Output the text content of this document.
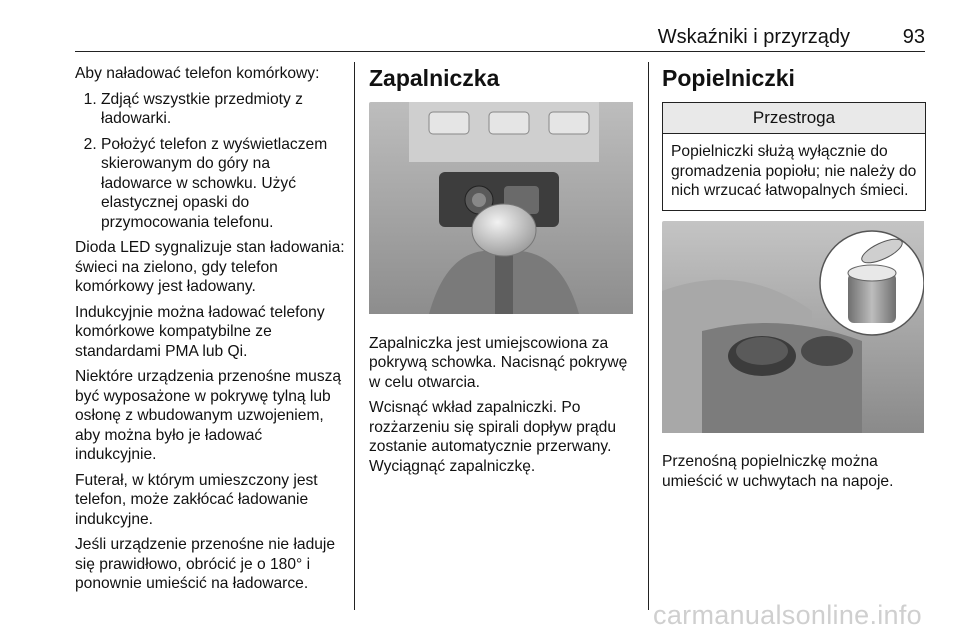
Wskaźniki i przyrządy	93

Aby naładować telefon komórkowy:

1. Zdjąć wszystkie przedmioty z ładowarki.
2. Położyć telefon z wyświetlaczem skierowanym do góry na ładowarce w schowku. Użyć elastycznej opaski do przymocowania telefonu.

Dioda LED sygnalizuje stan ładowania: świeci na zielono, gdy telefon komórkowy jest ładowany.

Indukcyjnie można ładować telefony komórkowe kompatybilne ze standardami PMA lub Qi.

Niektóre urządzenia przenośne muszą być wyposażone w pokrywę tylną lub osłonę z wbudowanym uzwojeniem, aby można było je ładować indukcyjnie.

Futerał, w którym umieszczony jest telefon, może zakłócać ładowanie indukcyjne.

Jeśli urządzenie przenośne nie ładuje się prawidłowo, obrócić je o 180° i ponownie umieścić na ładowarce.

Zapalniczka

Zapalniczka jest umiejscowiona za pokrywą schowka. Nacisnąć pokrywę w celu otwarcia.

Wcisnąć wkład zapalniczki. Po rozżarzeniu się spirali dopływ prądu zostanie automatycznie przerwany. Wyciągnąć zapalniczkę.

Popielniczki
Przestroga
Popielniczki służą wyłącznie do gromadzenia popiołu; nie należy do nich wrzucać łatwopalnych śmieci.

Przenośną popielniczkę można umieścić w uchwytach na napoje.

carmanualsonline.info
